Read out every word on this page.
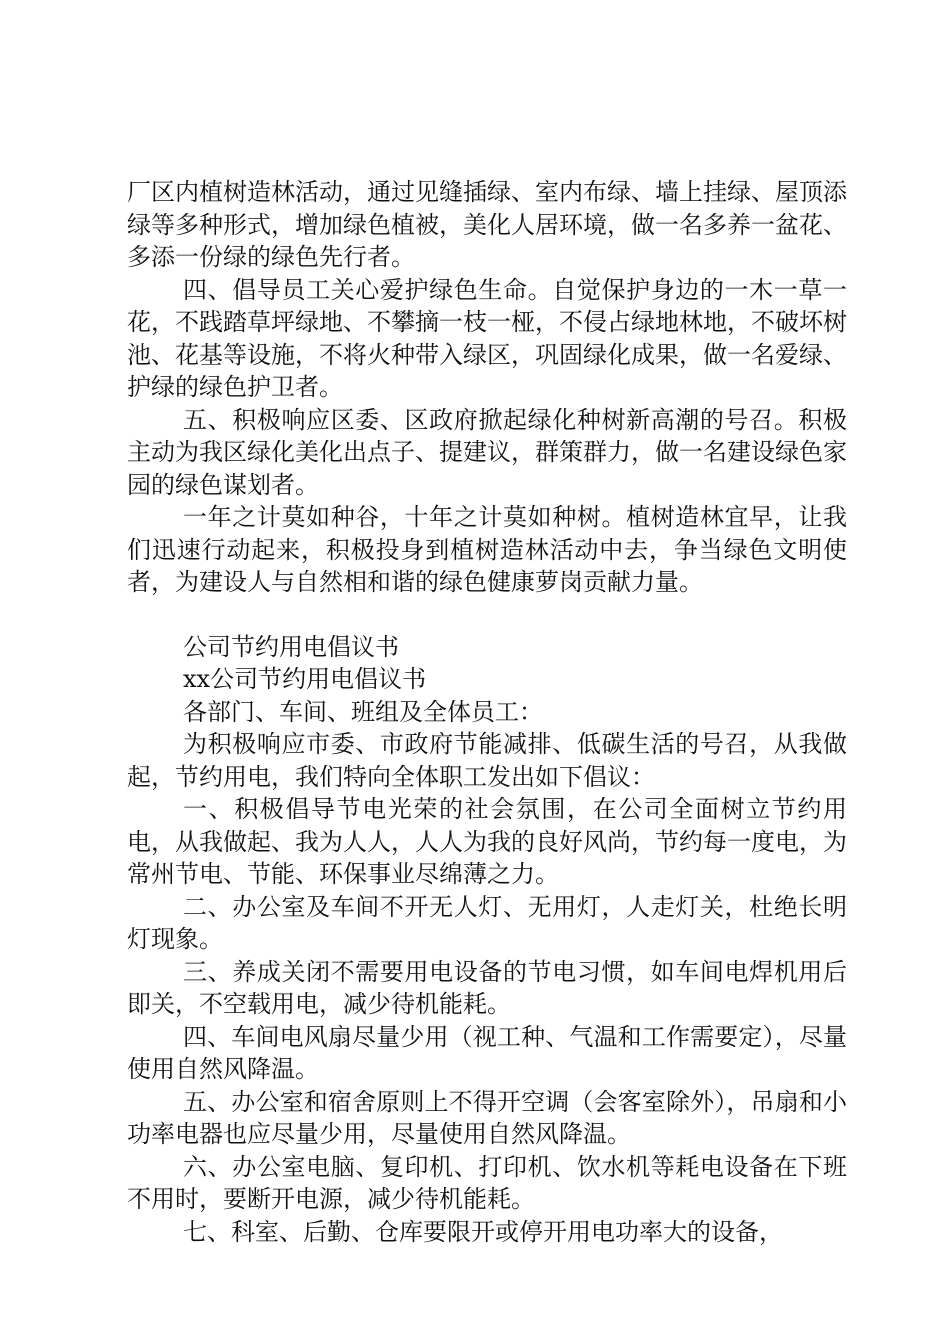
厂区内植树造林活动，通过见缝插绿、室内布绿、墙上挂绿、屋顶添绿等多种形式，增加绿色植被，美化人居环境，做一名多养一盆花、多添一份绿的绿色先行者。

四、倡导员工关心爱护绿色生命。自觉保护身边的一木一草一花，不践踏草坪绿地、不攀摘一枝一桠，不侵占绿地林地，不破坏树池、花基等设施，不将火种带入绿区，巩固绿化成果，做一名爱绿、护绿的绿色护卫者。

五、积极响应区委、区政府掀起绿化种树新高潮的号召。积极主动为我区绿化美化出点子、提建议，群策群力，做一名建设绿色家园的绿色谋划者。

一年之计莫如种谷，十年之计莫如种树。植树造林宜早，让我们迅速行动起来，积极投身到植树造林活动中去，争当绿色文明使者，为建设人与自然相和谐的绿色健康萝岗贡献力量。

公司节约用电倡议书

xx公司节约用电倡议书

各部门、车间、班组及全体员工：

为积极响应市委、市政府节能减排、低碳生活的号召，从我做起，节约用电，我们特向全体职工发出如下倡议：

一、积极倡导节电光荣的社会氛围，在公司全面树立节约用电，从我做起、我为人人，人人为我的良好风尚，节约每一度电，为常州节电、节能、环保事业尽绵薄之力。

二、办公室及车间不开无人灯、无用灯，人走灯关，杜绝长明灯现象。

三、养成关闭不需要用电设备的节电习惯，如车间电焊机用后即关，不空载用电，减少待机能耗。

四、车间电风扇尽量少用（视工种、气温和工作需要定），尽量使用自然风降温。

五、办公室和宿舍原则上不得开空调（会客室除外），吊扇和小功率电器也应尽量少用，尽量使用自然风降温。

六、办公室电脑、复印机、打印机、饮水机等耗电设备在下班不用时，要断开电源，减少待机能耗。

七、科室、后勤、仓库要限开或停开用电功率大的设备，
